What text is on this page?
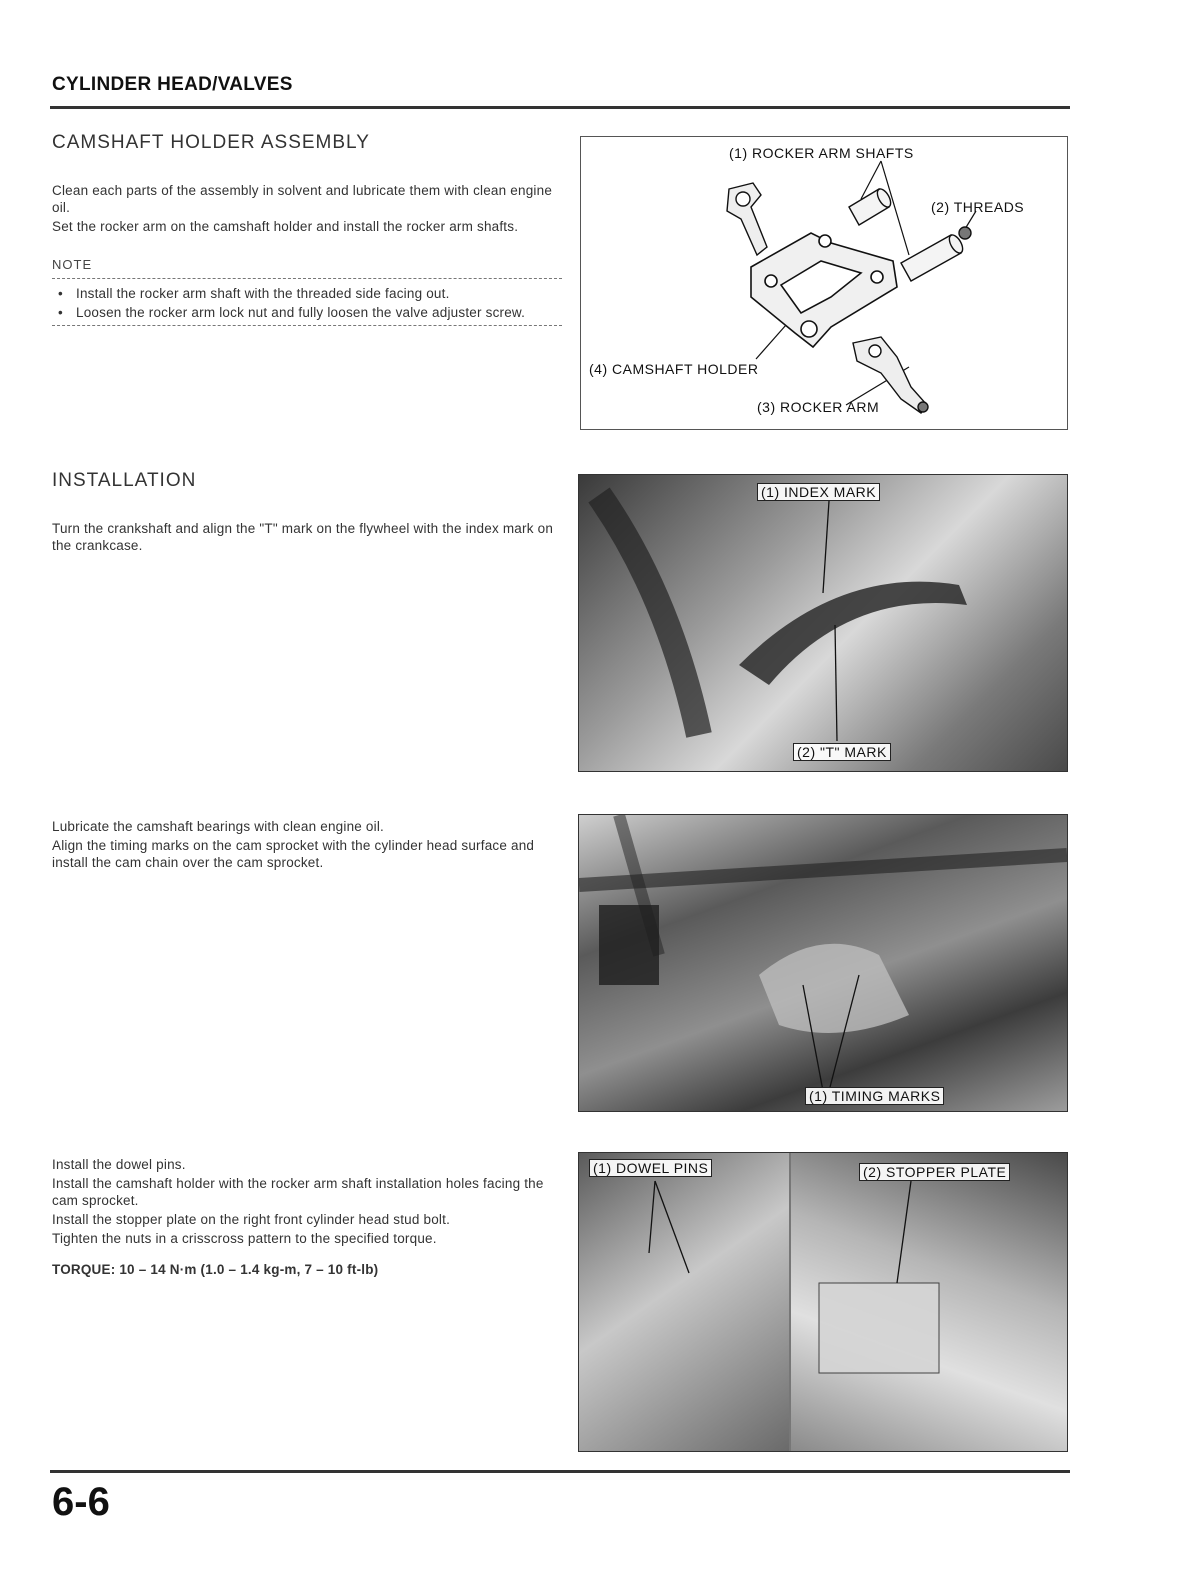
CYLINDER HEAD/VALVES
CAMSHAFT HOLDER ASSEMBLY

Clean each parts of the assembly in solvent and lubricate them with clean engine oil.

Set the rocker arm on the camshaft holder and install the rocker arm shafts.

NOTE
• Install the rocker arm shaft with the threaded side facing out.
• Loosen the rocker arm lock nut and fully loosen the valve adjuster screw.
(1) ROCKER ARM SHAFTS
(2) THREADS
(4) CAMSHAFT HOLDER
(3) ROCKER ARM
INSTALLATION

Turn the crankshaft and align the "T" mark on the flywheel with the index mark on the crankcase.

(1) INDEX MARK
(2) "T" MARK

Lubricate the camshaft bearings with clean engine oil.

Align the timing marks on the cam sprocket with the cylinder head surface and install the cam chain over the cam sprocket.

(1) TIMING MARKS

Install the dowel pins.

Install the camshaft holder with the rocker arm shaft installation holes facing the cam sprocket.

Install the stopper plate on the right front cylinder head stud bolt.

Tighten the nuts in a crisscross pattern to the specified torque.

TORQUE: 10 – 14 N·m (1.0 – 1.4 kg-m, 7 – 10 ft-lb)

(1) DOWEL PINS	(2) STOPPER PLATE
6-6
